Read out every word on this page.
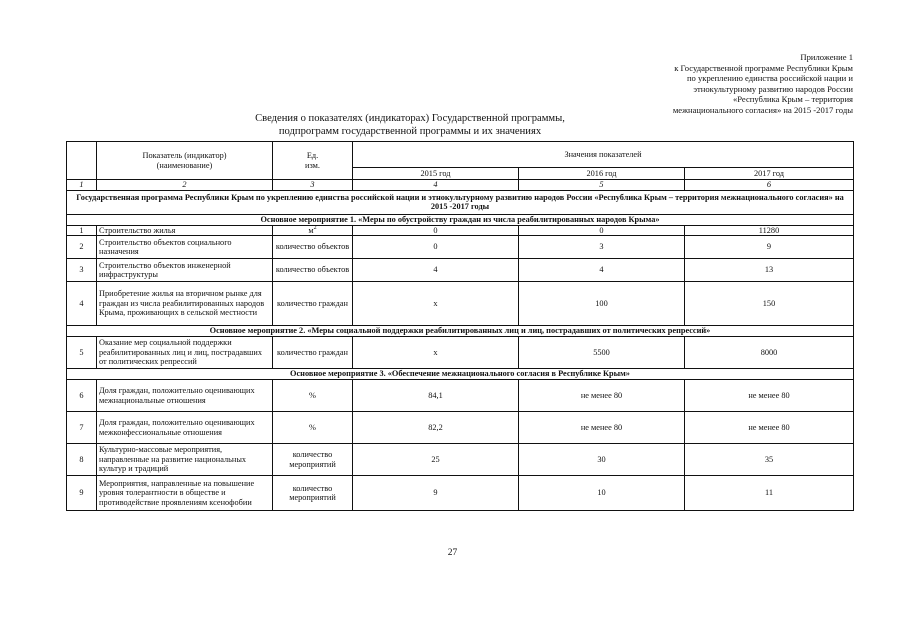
Приложение 1
к Государственной программе Республики Крым
по укреплению единства российской нации и
этнокультурному развитию народов России
«Республика Крым – территория
межнационального согласия» на 2015 -2017 годы
Сведения о показателях (индикаторах) Государственной программы,
подпрограмм государственной программы и их значениях
	Показатель (индикатор)
(наименование)	Ед.
изм.	Значения показателей		
			2015 год	2016 год	2017 год
1	2	3	4	5	6
Государственная программа Республики Крым по укреплению единства российской нации и этнокультурному развитию народов России «Республика Крым – территория межнационального согласия» на 2015 -2017 годы					
Основное мероприятие 1. «Меры по обустройству граждан из числа реабилитированных народов Крыма»					
1	Строительство жилья	$м^2$	0	0	11280
2	Строительство объектов социального назначения	количество объектов	0	3	9
3	Строительство объектов инженерной инфраструктуры	количество объектов	4	4	13
4	Приобретение жилья на вторичном рынке для граждан из числа реабилитированных народов Крыма, проживающих в сельской местности	количество граждан	х	100	150
Основное мероприятие 2. «Меры социальной поддержки реабилитированных лиц и лиц, пострадавших от политических репрессий»					
5	Оказание мер социальной поддержки реабилитированных лиц и лиц, пострадавших от политических репрессий	количество граждан	х	5500	8000
Основное мероприятие 3. «Обеспечение межнационального согласия в Республике Крым»					
6	Доля граждан, положительно оценивающих межнациональные отношения	%	84,1	не менее 80	не менее 80
7	Доля граждан, положительно оценивающих межконфессиональные отношения	%	82,2	не менее 80	не менее 80
8	Культурно-массовые мероприятия, направленные на развитие национальных культур и традиций	количество мероприятий	25	30	35
9	Мероприятия, направленные на повышение уровня толерантности в обществе и противодействие проявлениям ксенофобии	количество мероприятий	9	10	11
27
